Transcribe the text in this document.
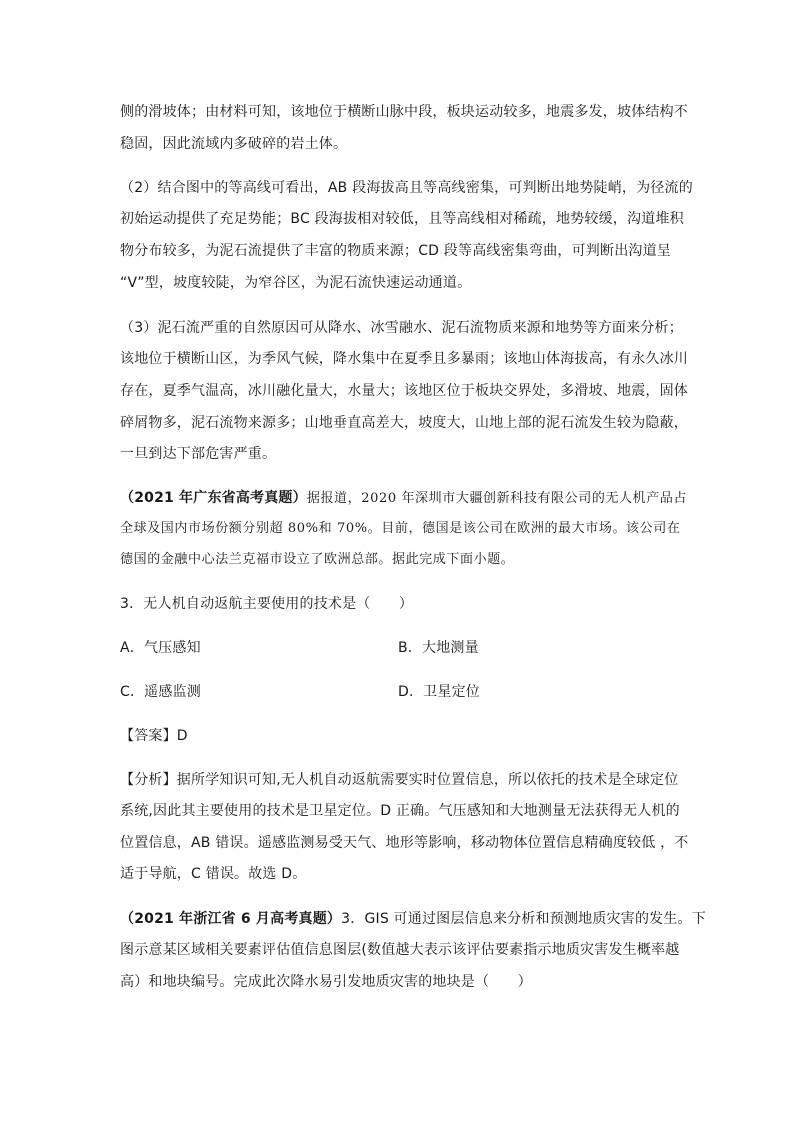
侧的滑坡体；由材料可知，该地位于横断山脉中段，板块运动较多，地震多发，坡体结构不
稳固，因此流域内多破碎的岩土体。
（2）结合图中的等高线可看出，AB 段海拔高且等高线密集，可判断出地势陡峭，为径流的
初始运动提供了充足势能；BC 段海拔相对较低，且等高线相对稀疏，地势较缓，沟道堆积
物分布较多，为泥石流提供了丰富的物质来源；CD 段等高线密集弯曲，可判断出沟道呈
“V”型，坡度较陡，为窄谷区，为泥石流快速运动通道。
（3）泥石流严重的自然原因可从降水、冰雪融水、泥石流物质来源和地势等方面来分析；
该地位于横断山区，为季风气候，降水集中在夏季且多暴雨；该地山体海拔高，有永久冰川
存在，夏季气温高，冰川融化量大，水量大；该地区位于板块交界处，多滑坡、地震，固体
碎屑物多，泥石流物来源多；山地垂直高差大，坡度大，山地上部的泥石流发生较为隐蔽，
一旦到达下部危害严重。
（2021 年广东省高考真题）据报道，2020 年深圳市大疆创新科技有限公司的无人机产品占
全球及国内市场份额分别超 80%和 70%。目前，德国是该公司在欧洲的最大市场。该公司在
德国的金融中心法兰克福市设立了欧洲总部。据此完成下面小题。
3．无人机自动返航主要使用的技术是（　　）
A．气压感知	B．大地测量
C．遥感监测	D．卫星定位
【答案】D
【分析】据所学知识可知,无人机自动返航需要实时位置信息，所以依托的技术是全球定位
系统,因此其主要使用的技术是卫星定位。D 正确。气压感知和大地测量无法获得无人机的
位置信息，AB 错误。遥感监测易受天气、地形等影响，移动物体位置信息精确度较低 ，不
适于导航，C 错误。故选 D。
（2021 年浙江省 6 月高考真题）3．GIS 可通过图层信息来分析和预测地质灾害的发生。下
图示意某区域相关要素评估值信息图层(数值越大表示该评估要素指示地质灾害发生概率越
高）和地块编号。完成此次降水易引发地质灾害的地块是（　　）
